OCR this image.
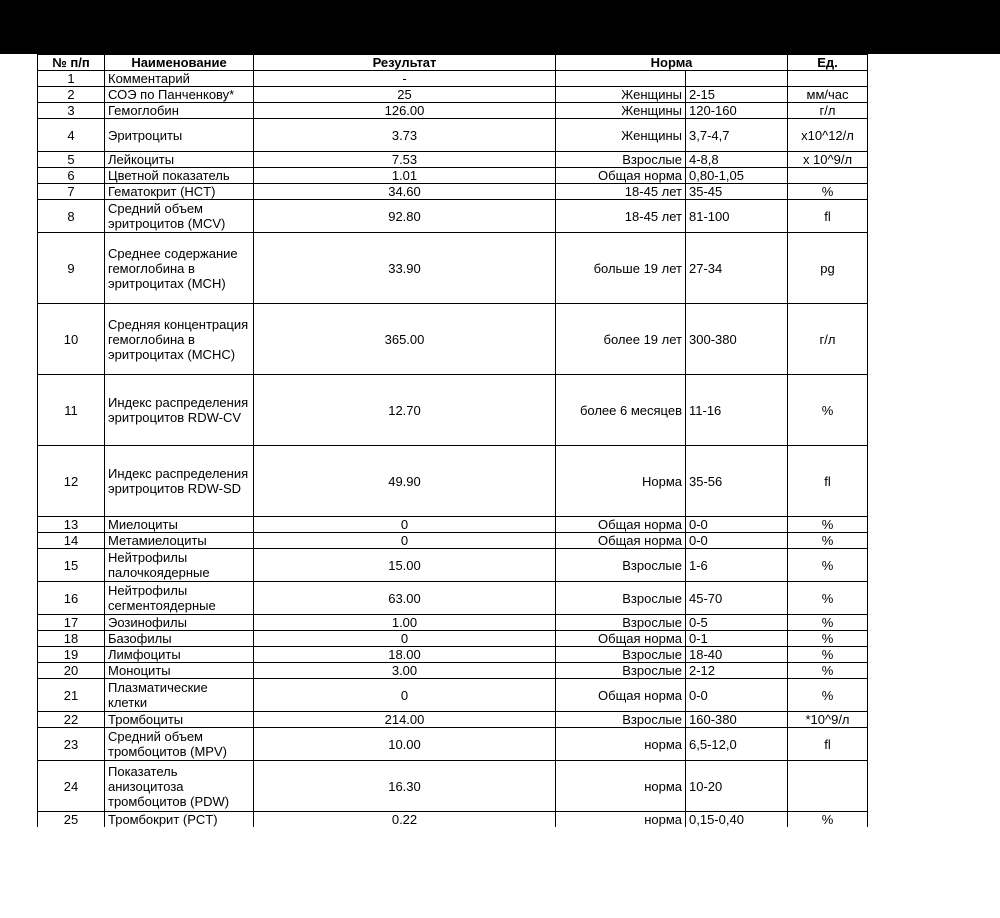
№ п/п	Наименование	Результат	Норма		Ед.
1	Комментарий	-			
2	СОЭ по Панченкову*	25	Женщины	2-15	мм/час
3	Гемоглобин	126.00	Женщины	120-160	г/л
4	Эритроциты	3.73	Женщины	3,7-4,7	х10^12/л
5	Лейкоциты	7.53	Взрослые	4-8,8	х 10^9/л
6	Цветной показатель	1.01	Общая норма	0,80-1,05	
7	Гематокрит (HCT)	34.60	18-45 лет	35-45	%
8	Средний объем эритроцитов (MCV)	92.80	18-45 лет	81-100	fl
9	Среднее содержание гемоглобина в эритроцитах (MCH)	33.90	больше 19 лет	27-34	pg
10	Средняя концентрация гемоглобина в эритроцитах (MCHC)	365.00	более 19 лет	300-380	г/л
11	Индекс распределения эритроцитов RDW-CV	12.70	более 6 месяцев	11-16	%
12	Индекс распределения эритроцитов RDW-SD	49.90	Норма	35-56	fl
13	Миелоциты	0	Общая норма	0-0	%
14	Метамиелоциты	0	Общая норма	0-0	%
15	Нейтрофилы палочкоядерные	15.00	Взрослые	1-6	%
16	Нейтрофилы сегментоядерные	63.00	Взрослые	45-70	%
17	Эозинофилы	1.00	Взрослые	0-5	%
18	Базофилы	0	Общая норма	0-1	%
19	Лимфоциты	18.00	Взрослые	18-40	%
20	Моноциты	3.00	Взрослые	2-12	%
21	Плазматические клетки	0	Общая норма	0-0	%
22	Тромбоциты	214.00	Взрослые	160-380	*10^9/л
23	Средний объем тромбоцитов (MPV)	10.00	норма	6,5-12,0	fl
24	Показатель анизоцитоза тромбоцитов (PDW)	16.30	норма	10-20	
25	Тромбокрит (PCT)	0.22	норма	0,15-0,40	%
